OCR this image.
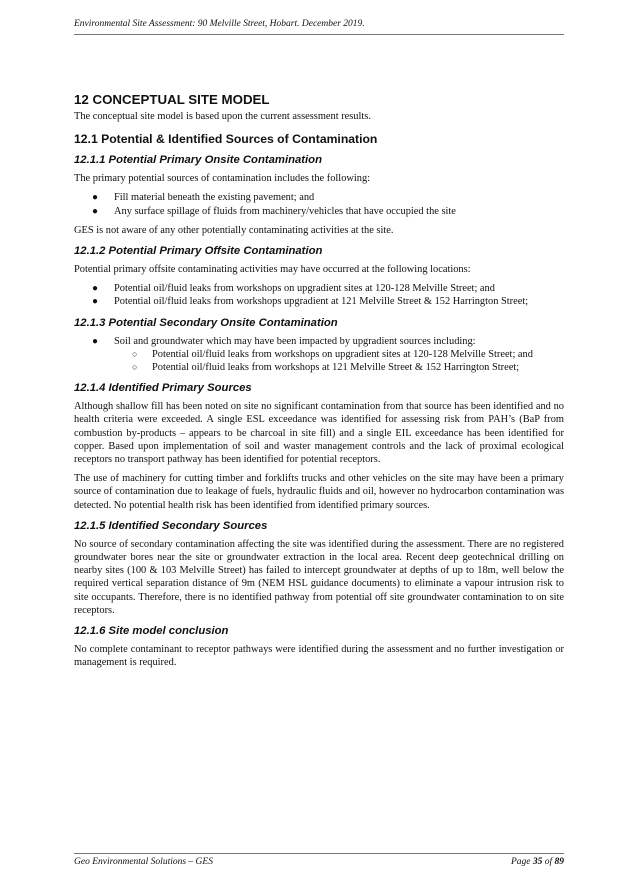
Environmental Site Assessment: 90 Melville Street, Hobart. December 2019.
12 CONCEPTUAL SITE MODEL
The conceptual site model is based upon the current assessment results.
12.1 Potential & Identified Sources of Contamination
12.1.1 Potential Primary Onsite Contamination
The primary potential sources of contamination includes the following:
● Fill material beneath the existing pavement; and
● Any surface spillage of fluids from machinery/vehicles that have occupied the site
GES is not aware of any other potentially contaminating activities at the site.
12.1.2 Potential Primary Offsite Contamination
Potential primary offsite contaminating activities may have occurred at the following locations:
● Potential oil/fluid leaks from workshops on upgradient sites at 120-128 Melville Street; and
● Potential oil/fluid leaks from workshops upgradient at 121 Melville Street & 152 Harrington Street;
12.1.3 Potential Secondary Onsite Contamination
● Soil and groundwater which may have been impacted by upgradient sources including:
○ Potential oil/fluid leaks from workshops on upgradient sites at 120-128 Melville Street; and
○ Potential oil/fluid leaks from workshops at 121 Melville Street & 152 Harrington Street;
12.1.4 Identified Primary Sources
Although shallow fill has been noted on site no significant contamination from that source has been identified and no health criteria were exceeded. A single ESL exceedance was identified for assessing risk from PAH’s (BaP from combustion by-products – appears to be charcoal in site fill) and a single EIL exceedance has been identified for copper. Based upon implementation of soil and waster management controls and the lack of proximal ecological receptors no transport pathway has been identified for potential receptors.
The use of machinery for cutting timber and forklifts trucks and other vehicles on the site may have been a primary source of contamination due to leakage of fuels, hydraulic fluids and oil, however no hydrocarbon contamination was detected. No potential health risk has been identified from identified primary sources.
12.1.5 Identified Secondary Sources
No source of secondary contamination affecting the site was identified during the assessment. There are no registered groundwater bores near the site or groundwater extraction in the local area. Recent deep geotechnical drilling on nearby sites (100 & 103 Melville Street) has failed to intercept groundwater at depths of up to 18m, well below the required vertical separation distance of 9m (NEM HSL guidance documents) to eliminate a vapour intrusion risk to site occupants. Therefore, there is no identified pathway from potential off site groundwater contamination to on site receptors.
12.1.6 Site model conclusion
No complete contaminant to receptor pathways were identified during the assessment and no further investigation or management is required.
Geo Environmental Solutions – GES	Page 35 of 89
